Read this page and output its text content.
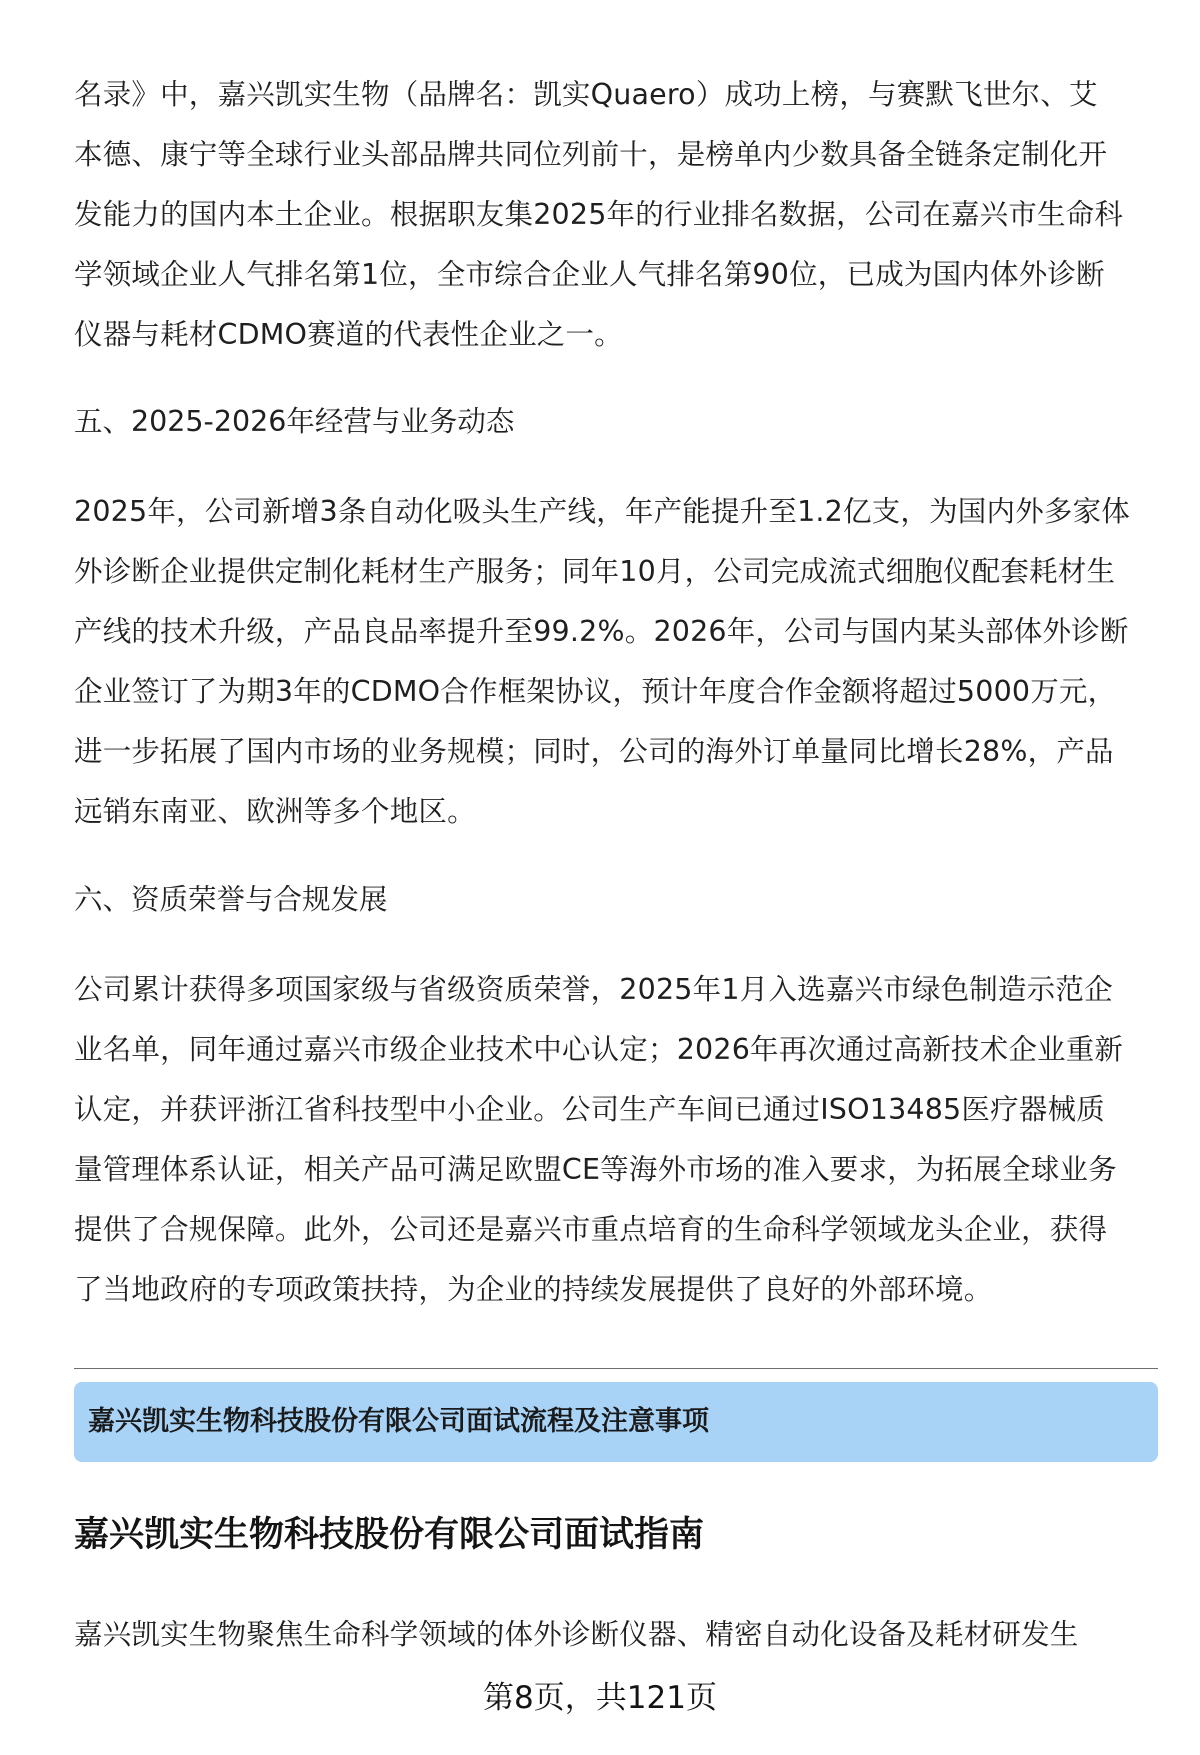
名录》中，嘉兴凯实生物（品牌名：凯实Quaero）成功上榜，与赛默飞世尔、艾
本德、康宁等全球行业头部品牌共同位列前十，是榜单内少数具备全链条定制化开
发能力的国内本土企业。根据职友集2025年的行业排名数据，公司在嘉兴市生命科
学领域企业人气排名第1位，全市综合企业人气排名第90位，已成为国内体外诊断
仪器与耗材CDMO赛道的代表性企业之一。
五、2025-2026年经营与业务动态
2025年，公司新增3条自动化吸头生产线，年产能提升至1.2亿支，为国内外多家体
外诊断企业提供定制化耗材生产服务；同年10月，公司完成流式细胞仪配套耗材生
产线的技术升级，产品良品率提升至99.2%。2026年，公司与国内某头部体外诊断
企业签订了为期3年的CDMO合作框架协议，预计年度合作金额将超过5000万元，
进一步拓展了国内市场的业务规模；同时，公司的海外订单量同比增长28%，产品
远销东南亚、欧洲等多个地区。
六、资质荣誉与合规发展
公司累计获得多项国家级与省级资质荣誉，2025年1月入选嘉兴市绿色制造示范企
业名单，同年通过嘉兴市级企业技术中心认定；2026年再次通过高新技术企业重新
认定，并获评浙江省科技型中小企业。公司生产车间已通过ISO13485医疗器械质
量管理体系认证，相关产品可满足欧盟CE等海外市场的准入要求，为拓展全球业务
提供了合规保障。此外，公司还是嘉兴市重点培育的生命科学领域龙头企业，获得
了当地政府的专项政策扶持，为企业的持续发展提供了良好的外部环境。
嘉兴凯实生物科技股份有限公司面试流程及注意事项
嘉兴凯实生物科技股份有限公司面试指南
嘉兴凯实生物聚焦生命科学领域的体外诊断仪器、精密自动化设备及耗材研发生
第8页，共121页
